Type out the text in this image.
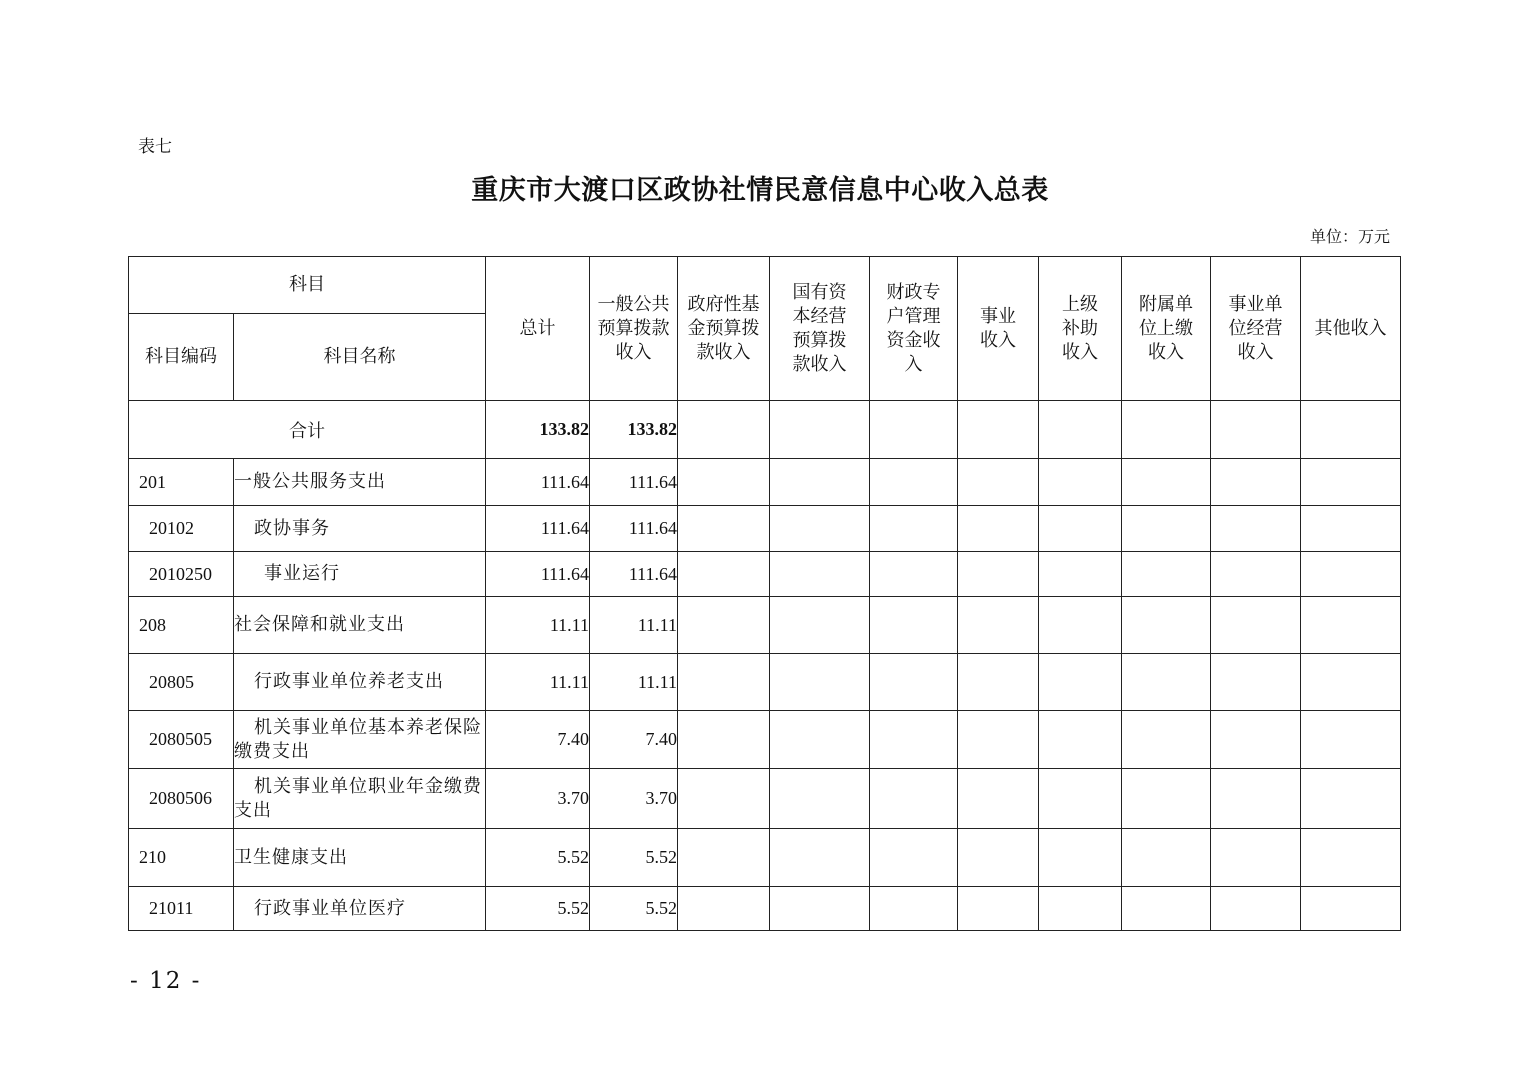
表七
重庆市大渡口区政协社情民意信息中心收入总表
单位：万元
科目		总计	一般公共预算拨款收入	政府性基金预算拨款收入	国有资本经营预算拨款收入	财政专户管理资金收入	事业收入	上级补助收入	附属单位上缴收入	事业单位经营收入	其他收入
科目编码	科目名称										
合计		133.82	133.82								
201	一般公共服务支出	111.64	111.64								
20102	政协事务	111.64	111.64								
2010250	事业运行	111.64	111.64								
208	社会保障和就业支出	11.11	11.11								
20805	行政事业单位养老支出	11.11	11.11								
2080505	机关事业单位基本养老保险缴费支出	7.40	7.40								
2080506	机关事业单位职业年金缴费支出	3.70	3.70								
210	卫生健康支出	5.52	5.52								
21011	行政事业单位医疗	5.52	5.52								
- 12 -
